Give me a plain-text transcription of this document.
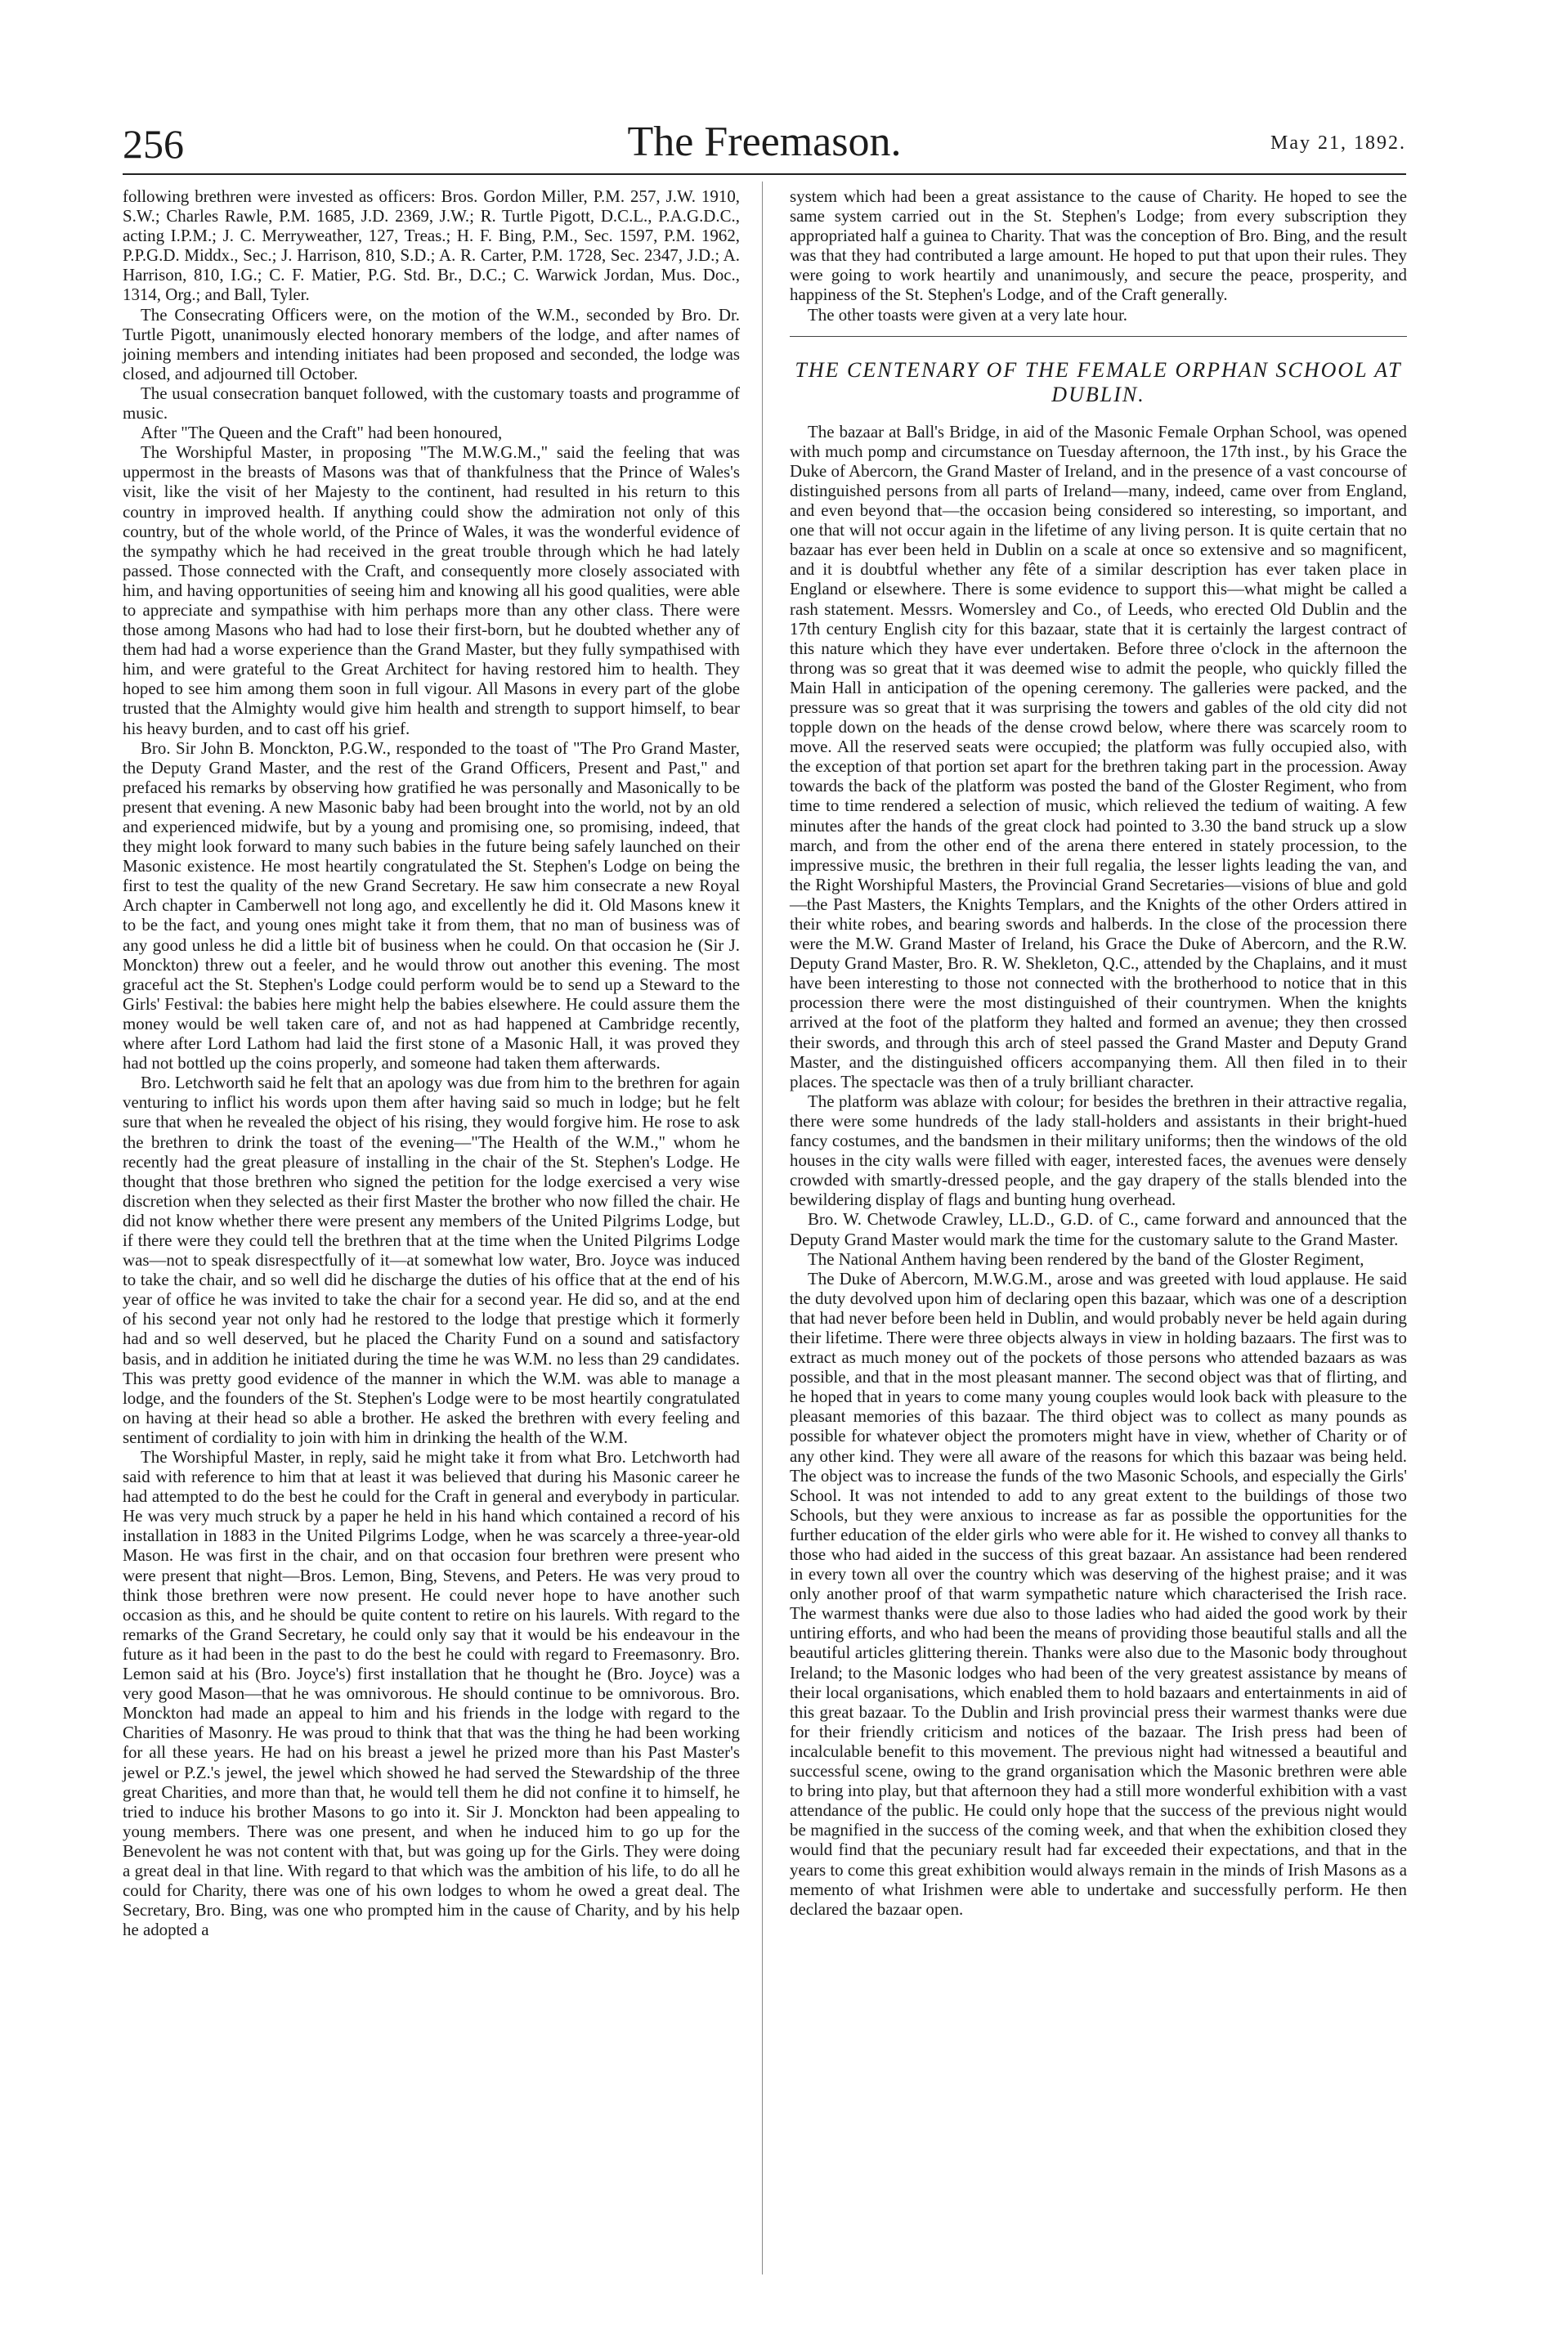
256	The Freemason.	May 21, 1892.

following brethren were invested as officers: Bros. Gordon Miller, P.M. 257, J.W. 1910, S.W.; Charles Rawle, P.M. 1685, J.D. 2369, J.W.; R. Turtle Pigott, D.C.L., P.A.G.D.C., acting I.P.M.; J. C. Merryweather, 127, Treas.; H. F. Bing, P.M., Sec. 1597, P.M. 1962, P.P.G.D. Middx., Sec.; J. Harrison, 810, S.D.; A. R. Carter, P.M. 1728, Sec. 2347, J.D.; A. Harrison, 810, I.G.; C. F. Matier, P.G. Std. Br., D.C.; C. Warwick Jordan, Mus. Doc., 1314, Org.; and Ball, Tyler.

The Consecrating Officers were, on the motion of the W.M., seconded by Bro. Dr. Turtle Pigott, unanimously elected honorary members of the lodge, and after names of joining members and intending initiates had been proposed and seconded, the lodge was closed, and adjourned till October.

The usual consecration banquet followed, with the customary toasts and programme of music.

After "The Queen and the Craft" had been honoured,

The Worshipful Master, in proposing "The M.W.G.M.," said the feeling that was uppermost in the breasts of Masons was that of thankfulness that the Prince of Wales's visit, like the visit of her Majesty to the continent, had resulted in his return to this country in improved health. If anything could show the admiration not only of this country, but of the whole world, of the Prince of Wales, it was the wonderful evidence of the sympathy which he had received in the great trouble through which he had lately passed. Those connected with the Craft, and consequently more closely associated with him, and having opportunities of seeing him and knowing all his good qualities, were able to appreciate and sympathise with him perhaps more than any other class. There were those among Masons who had had to lose their first-born, but he doubted whether any of them had had a worse experience than the Grand Master, but they fully sympathised with him, and were grateful to the Great Architect for having restored him to health. They hoped to see him among them soon in full vigour. All Masons in every part of the globe trusted that the Almighty would give him health and strength to support himself, to bear his heavy burden, and to cast off his grief.

Bro. Sir John B. Monckton, P.G.W., responded to the toast of "The Pro Grand Master, the Deputy Grand Master, and the rest of the Grand Officers, Present and Past," and prefaced his remarks by observing how gratified he was personally and Masonically to be present that evening. A new Masonic baby had been brought into the world, not by an old and experienced midwife, but by a young and promising one, so promising, indeed, that they might look forward to many such babies in the future being safely launched on their Masonic existence. He most heartily congratulated the St. Stephen's Lodge on being the first to test the quality of the new Grand Secretary. He saw him consecrate a new Royal Arch chapter in Camberwell not long ago, and excellently he did it. Old Masons knew it to be the fact, and young ones might take it from them, that no man of business was of any good unless he did a little bit of business when he could. On that occasion he (Sir J. Monckton) threw out a feeler, and he would throw out another this evening. The most graceful act the St. Stephen's Lodge could perform would be to send up a Steward to the Girls' Festival: the babies here might help the babies elsewhere. He could assure them the money would be well taken care of, and not as had happened at Cambridge recently, where after Lord Lathom had laid the first stone of a Masonic Hall, it was proved they had not bottled up the coins properly, and someone had taken them afterwards.

Bro. Letchworth said he felt that an apology was due from him to the brethren for again venturing to inflict his words upon them after having said so much in lodge; but he felt sure that when he revealed the object of his rising, they would forgive him. He rose to ask the brethren to drink the toast of the evening—"The Health of the W.M.," whom he recently had the great pleasure of installing in the chair of the St. Stephen's Lodge. He thought that those brethren who signed the petition for the lodge exercised a very wise discretion when they selected as their first Master the brother who now filled the chair. He did not know whether there were present any members of the United Pilgrims Lodge, but if there were they could tell the brethren that at the time when the United Pilgrims Lodge was—not to speak disrespectfully of it—at somewhat low water, Bro. Joyce was induced to take the chair, and so well did he discharge the duties of his office that at the end of his year of office he was invited to take the chair for a second year. He did so, and at the end of his second year not only had he restored to the lodge that prestige which it formerly had and so well deserved, but he placed the Charity Fund on a sound and satisfactory basis, and in addition he initiated during the time he was W.M. no less than 29 candidates. This was pretty good evidence of the manner in which the W.M. was able to manage a lodge, and the founders of the St. Stephen's Lodge were to be most heartily congratulated on having at their head so able a brother. He asked the brethren with every feeling and sentiment of cordiality to join with him in drinking the health of the W.M.

The Worshipful Master, in reply, said he might take it from what Bro. Letchworth had said with reference to him that at least it was believed that during his Masonic career he had attempted to do the best he could for the Craft in general and everybody in particular. He was very much struck by a paper he held in his hand which contained a record of his installation in 1883 in the United Pilgrims Lodge, when he was scarcely a three-year-old Mason. He was first in the chair, and on that occasion four brethren were present who were present that night—Bros. Lemon, Bing, Stevens, and Peters. He was very proud to think those brethren were now present. He could never hope to have another such occasion as this, and he should be quite content to retire on his laurels. With regard to the remarks of the Grand Secretary, he could only say that it would be his endeavour in the future as it had been in the past to do the best he could with regard to Freemasonry. Bro. Lemon said at his (Bro. Joyce's) first installation that he thought he (Bro. Joyce) was a very good Mason—that he was omnivorous. He should continue to be omnivorous. Bro. Monckton had made an appeal to him and his friends in the lodge with regard to the Charities of Masonry. He was proud to think that that was the thing he had been working for all these years. He had on his breast a jewel he prized more than his Past Master's jewel or P.Z.'s jewel, the jewel which showed he had served the Stewardship of the three great Charities, and more than that, he would tell them he did not confine it to himself, he tried to induce his brother Masons to go into it. Sir J. Monckton had been appealing to young members. There was one present, and when he induced him to go up for the Benevolent he was not content with that, but was going up for the Girls. They were doing a great deal in that line. With regard to that which was the ambition of his life, to do all he could for Charity, there was one of his own lodges to whom he owed a great deal. The Secretary, Bro. Bing, was one who prompted him in the cause of Charity, and by his help he adopted a

system which had been a great assistance to the cause of Charity. He hoped to see the same system carried out in the St. Stephen's Lodge; from every subscription they appropriated half a guinea to Charity. That was the conception of Bro. Bing, and the result was that they had contributed a large amount. He hoped to put that upon their rules. They were going to work heartily and unanimously, and secure the peace, prosperity, and happiness of the St. Stephen's Lodge, and of the Craft generally.

The other toasts were given at a very late hour.

THE CENTENARY OF THE FEMALE ORPHAN SCHOOL AT DUBLIN.

The bazaar at Ball's Bridge, in aid of the Masonic Female Orphan School, was opened with much pomp and circumstance on Tuesday afternoon, the 17th inst., by his Grace the Duke of Abercorn, the Grand Master of Ireland, and in the presence of a vast concourse of distinguished persons from all parts of Ireland—many, indeed, came over from England, and even beyond that—the occasion being considered so interesting, so important, and one that will not occur again in the lifetime of any living person. It is quite certain that no bazaar has ever been held in Dublin on a scale at once so extensive and so magnificent, and it is doubtful whether any fête of a similar description has ever taken place in England or elsewhere. There is some evidence to support this—what might be called a rash statement. Messrs. Womersley and Co., of Leeds, who erected Old Dublin and the 17th century English city for this bazaar, state that it is certainly the largest contract of this nature which they have ever undertaken. Before three o'clock in the afternoon the throng was so great that it was deemed wise to admit the people, who quickly filled the Main Hall in anticipation of the opening ceremony. The galleries were packed, and the pressure was so great that it was surprising the towers and gables of the old city did not topple down on the heads of the dense crowd below, where there was scarcely room to move. All the reserved seats were occupied; the platform was fully occupied also, with the exception of that portion set apart for the brethren taking part in the procession. Away towards the back of the platform was posted the band of the Gloster Regiment, who from time to time rendered a selection of music, which relieved the tedium of waiting. A few minutes after the hands of the great clock had pointed to 3.30 the band struck up a slow march, and from the other end of the arena there entered in stately procession, to the impressive music, the brethren in their full regalia, the lesser lights leading the van, and the Right Worshipful Masters, the Provincial Grand Secretaries—visions of blue and gold—the Past Masters, the Knights Templars, and the Knights of the other Orders attired in their white robes, and bearing swords and halberds. In the close of the procession there were the M.W. Grand Master of Ireland, his Grace the Duke of Abercorn, and the R.W. Deputy Grand Master, Bro. R. W. Shekleton, Q.C., attended by the Chaplains, and it must have been interesting to those not connected with the brotherhood to notice that in this procession there were the most distinguished of their countrymen. When the knights arrived at the foot of the platform they halted and formed an avenue; they then crossed their swords, and through this arch of steel passed the Grand Master and Deputy Grand Master, and the distinguished officers accompanying them. All then filed in to their places. The spectacle was then of a truly brilliant character.

The platform was ablaze with colour; for besides the brethren in their attractive regalia, there were some hundreds of the lady stall-holders and assistants in their bright-hued fancy costumes, and the bandsmen in their military uniforms; then the windows of the old houses in the city walls were filled with eager, interested faces, the avenues were densely crowded with smartly-dressed people, and the gay drapery of the stalls blended into the bewildering display of flags and bunting hung overhead.

Bro. W. Chetwode Crawley, LL.D., G.D. of C., came forward and announced that the Deputy Grand Master would mark the time for the customary salute to the Grand Master.

The National Anthem having been rendered by the band of the Gloster Regiment,

The Duke of Abercorn, M.W.G.M., arose and was greeted with loud applause. He said the duty devolved upon him of declaring open this bazaar, which was one of a description that had never before been held in Dublin, and would probably never be held again during their lifetime. There were three objects always in view in holding bazaars. The first was to extract as much money out of the pockets of those persons who attended bazaars as was possible, and that in the most pleasant manner. The second object was that of flirting, and he hoped that in years to come many young couples would look back with pleasure to the pleasant memories of this bazaar. The third object was to collect as many pounds as possible for whatever object the promoters might have in view, whether of Charity or of any other kind. They were all aware of the reasons for which this bazaar was being held. The object was to increase the funds of the two Masonic Schools, and especially the Girls' School. It was not intended to add to any great extent to the buildings of those two Schools, but they were anxious to increase as far as possible the opportunities for the further education of the elder girls who were able for it. He wished to convey all thanks to those who had aided in the success of this great bazaar. An assistance had been rendered in every town all over the country which was deserving of the highest praise; and it was only another proof of that warm sympathetic nature which characterised the Irish race. The warmest thanks were due also to those ladies who had aided the good work by their untiring efforts, and who had been the means of providing those beautiful stalls and all the beautiful articles glittering therein. Thanks were also due to the Masonic body throughout Ireland; to the Masonic lodges who had been of the very greatest assistance by means of their local organisations, which enabled them to hold bazaars and entertainments in aid of this great bazaar. To the Dublin and Irish provincial press their warmest thanks were due for their friendly criticism and notices of the bazaar. The Irish press had been of incalculable benefit to this movement. The previous night had witnessed a beautiful and successful scene, owing to the grand organisation which the Masonic brethren were able to bring into play, but that afternoon they had a still more wonderful exhibition with a vast attendance of the public. He could only hope that the success of the previous night would be magnified in the success of the coming week, and that when the exhibition closed they would find that the pecuniary result had far exceeded their expectations, and that in the years to come this great exhibition would always remain in the minds of Irish Masons as a memento of what Irishmen were able to undertake and successfully perform. He then declared the bazaar open.
